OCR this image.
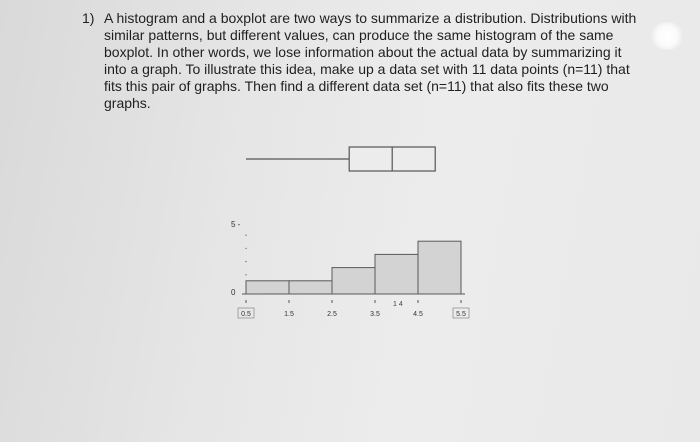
1) A histogram and a boxplot are two ways to summarize a distribution. Distributions with similar patterns, but different values, can produce the same histogram of the same boxplot. In other words, we lose information about the actual data by summarizing it into a graph. To illustrate this idea, make up a data set with 11 data points (n=11) that fits this pair of graphs. Then find a different data set (n=11) that also fits these two graphs.
5 -
0
1 4
0.5	1.5	2.5	3.5	4.5	5.5
